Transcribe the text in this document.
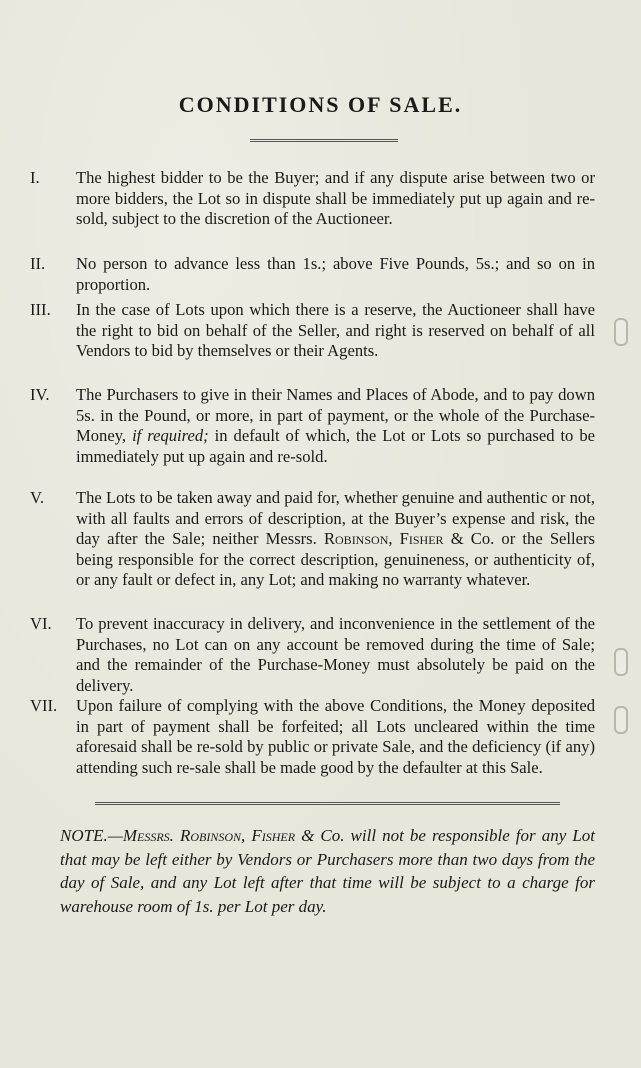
CONDITIONS OF SALE.
I.	The highest bidder to be the Buyer; and if any dispute arise between two or more bidders, the Lot so in dispute shall be immediately put up again and re-sold, subject to the discretion of the Auctioneer.
II.	No person to advance less than 1s.; above Five Pounds, 5s.; and so on in proportion.
III.	In the case of Lots upon which there is a reserve, the Auctioneer shall have the right to bid on behalf of the Seller, and right is reserved on behalf of all Vendors to bid by themselves or their Agents.
IV.	The Purchasers to give in their Names and Places of Abode, and to pay down 5s. in the Pound, or more, in part of payment, or the whole of the Purchase-Money, if required; in default of which, the Lot or Lots so purchased to be immediately put up again and re-sold.
V.	The Lots to be taken away and paid for, whether genuine and authentic or not, with all faults and errors of description, at the Buyer’s expense and risk, the day after the Sale; neither Messrs. Robinson, Fisher & Co. or the Sellers being responsible for the correct description, genuineness, or authenticity of, or any fault or defect in, any Lot; and making no warranty whatever.
VI.	To prevent inaccuracy in delivery, and inconvenience in the settlement of the Purchases, no Lot can on any account be removed during the time of Sale; and the remainder of the Purchase-Money must absolutely be paid on the delivery.
VII.	Upon failure of complying with the above Conditions, the Money deposited in part of payment shall be forfeited; all Lots uncleared within the time aforesaid shall be re-sold by public or private Sale, and the deficiency (if any) attending such re-sale shall be made good by the defaulter at this Sale.
NOTE.—Messrs. Robinson, Fisher & Co. will not be responsible for any Lot that may be left either by Vendors or Purchasers more than two days from the day of Sale, and any Lot left after that time will be subject to a charge for warehouse room of 1s. per Lot per day.
